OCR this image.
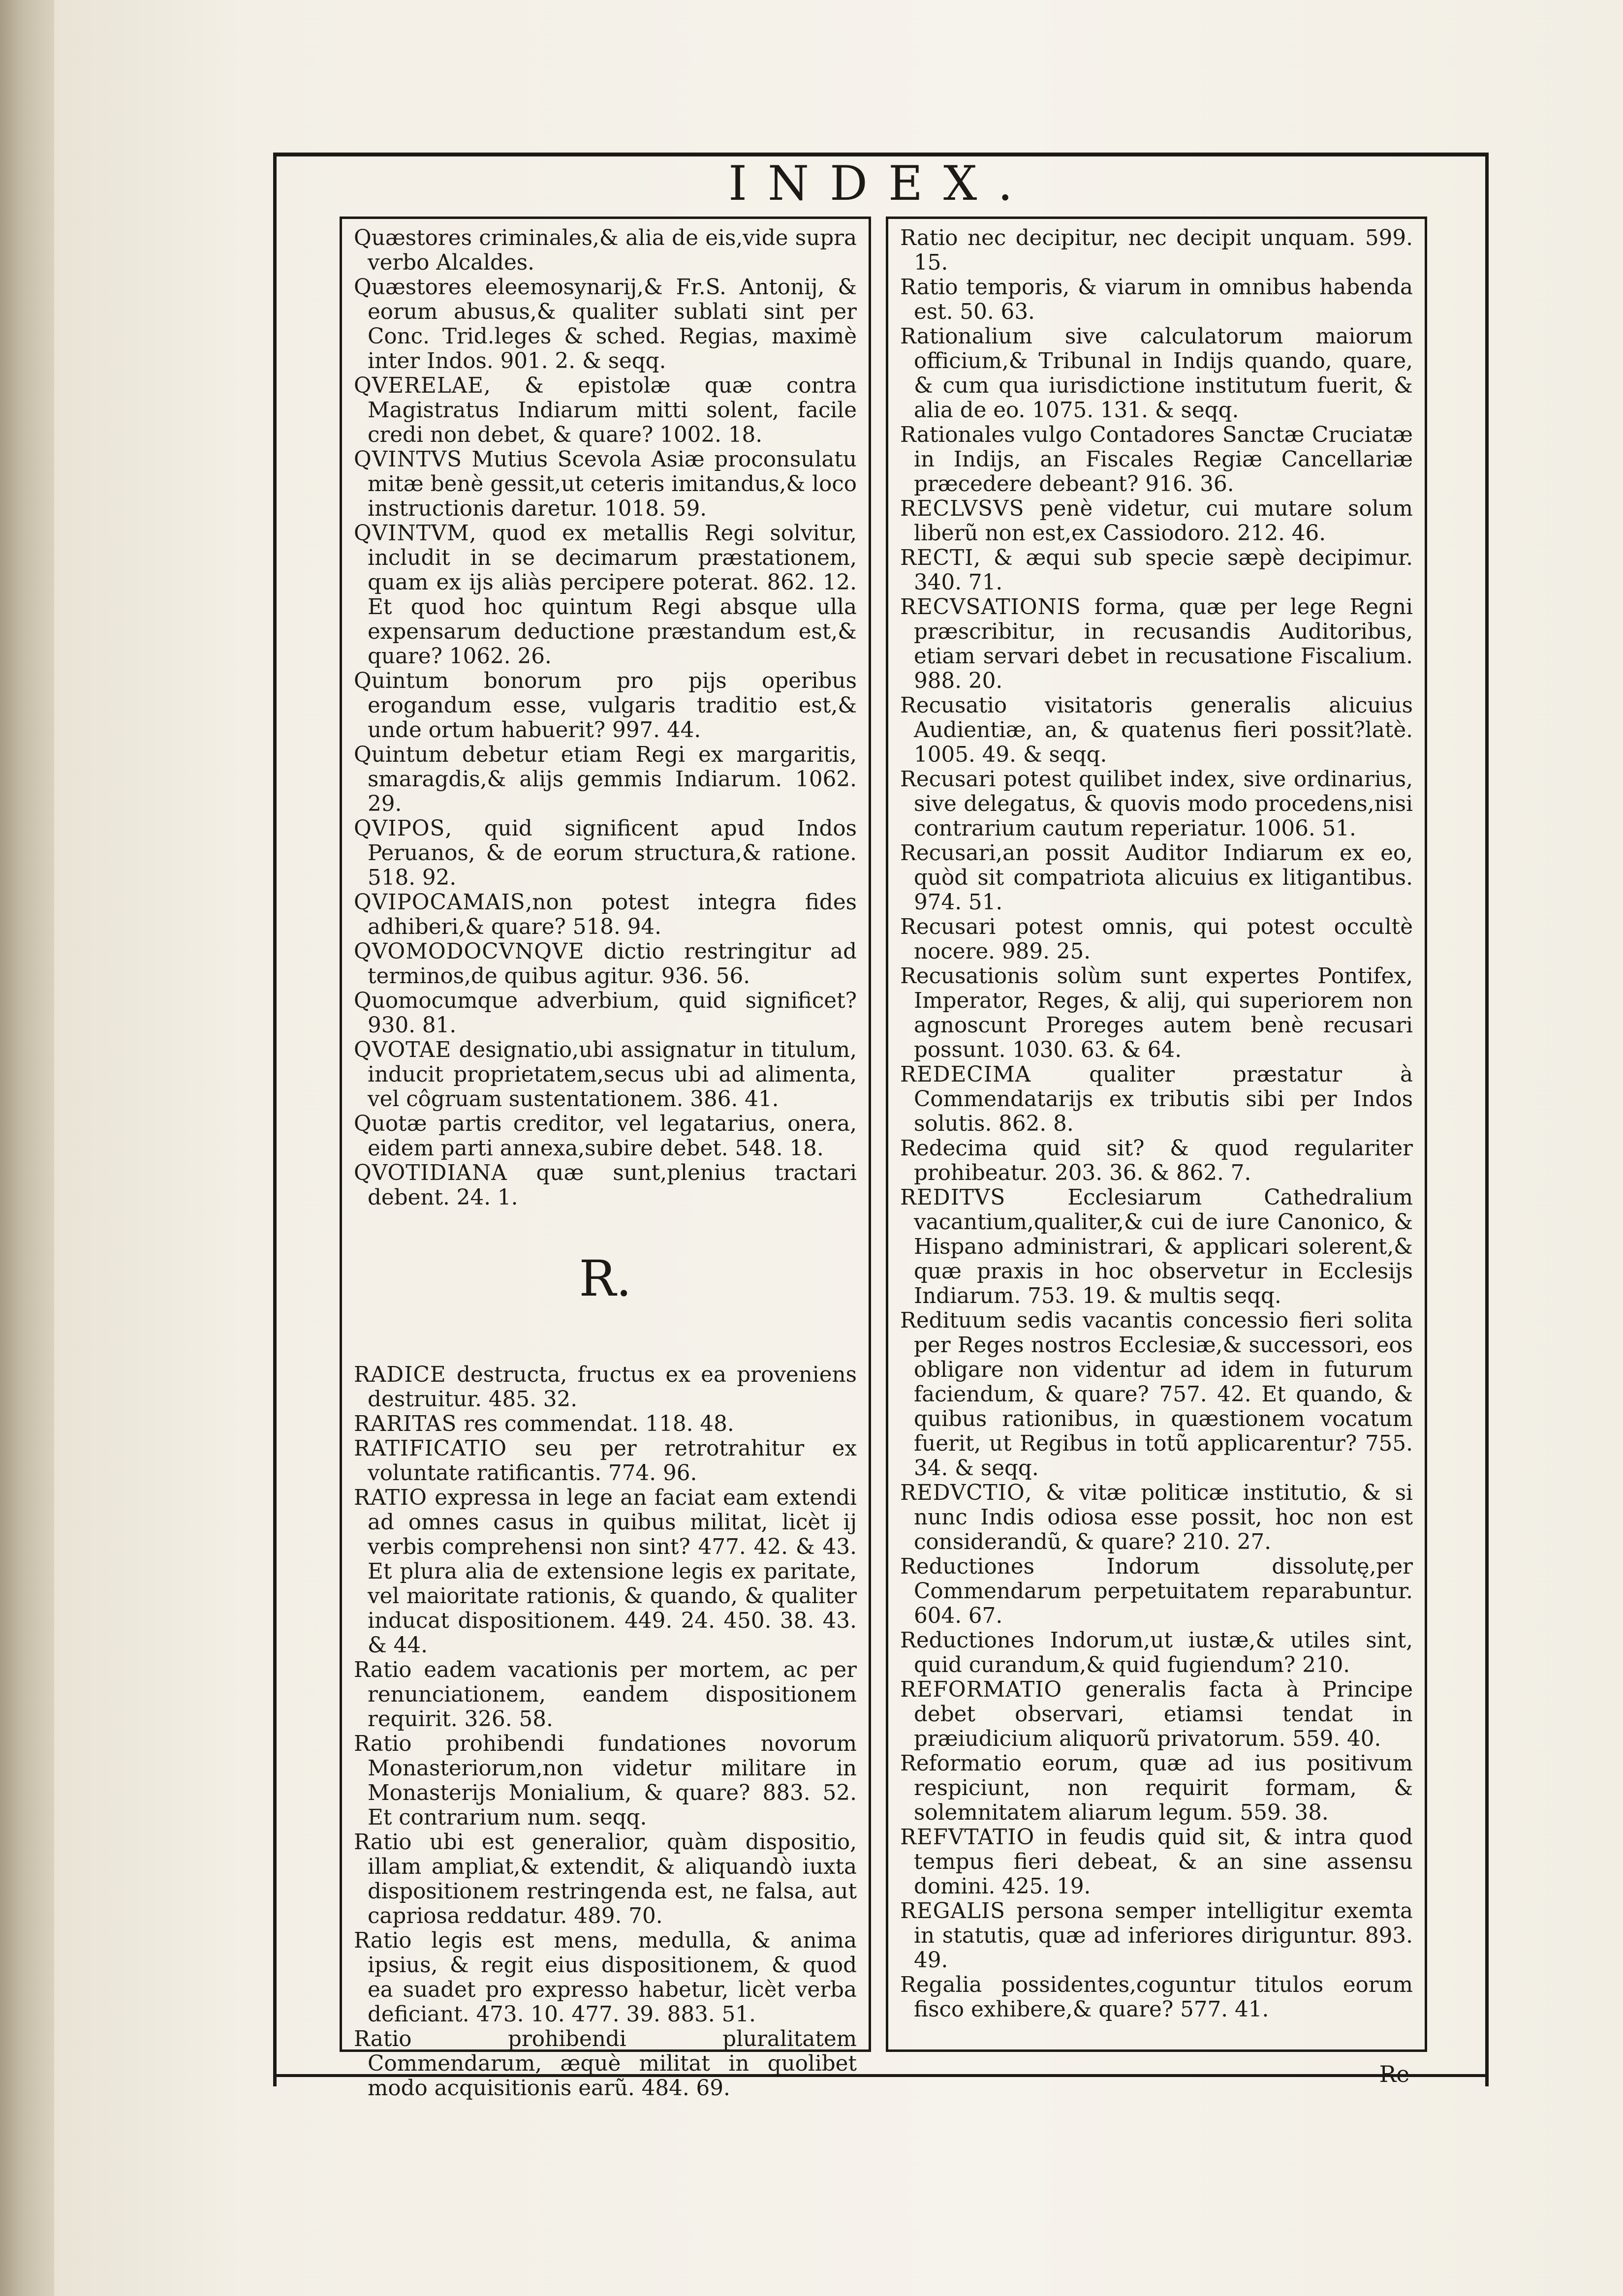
INDEX.

Quæstores criminales,& alia de eis,vide supra verbo Alcaldes.

Quæstores eleemosynarij,& Fr.S. Antonij, & eorum abusus,& qualiter sublati sint per Conc. Trid.leges & sched. Regias, maximè inter Indos. 901. 2. & seqq.

QVERELAE, & epistolæ quæ contra Magistratus Indiarum mitti solent, facile credi non debet, & quare? 1002. 18.

QVINTVS Mutius Scevola Asiæ proconsulatu mitæ benè gessit,ut ceteris imitandus,& loco instructionis daretur. 1018. 59.

QVINTVM, quod ex metallis Regi solvitur, includit in se decimarum præstationem, quam ex ijs aliàs percipere poterat. 862. 12. Et quod hoc quintum Regi absque ulla expensarum deductione præstandum est,& quare? 1062. 26.

Quintum bonorum pro pijs operibus erogandum esse, vulgaris traditio est,& unde ortum habuerit? 997. 44.

Quintum debetur etiam Regi ex margaritis, smaragdis,& alijs gemmis Indiarum. 1062. 29.

QVIPOS, quid significent apud Indos Peruanos, & de eorum structura,& ratione. 518. 92.

QVIPOCAMAIS,non potest integra fides adhiberi,& quare? 518. 94.

QVOMODOCVNQVE dictio restringitur ad terminos,de quibus agitur. 936. 56.

Quomocumque adverbium, quid significet? 930. 81.

QVOTAE designatio,ubi assignatur in titulum, inducit proprietatem,secus ubi ad alimenta, vel côgruam sustentationem. 386. 41.

Quotæ partis creditor, vel legatarius, onera, eidem parti annexa,subire debet. 548. 18.

QVOTIDIANA quæ sunt,plenius tractari debent. 24. 1.

R.

RADICE destructa, fructus ex ea proveniens destruitur. 485. 32.

RARITAS res commendat. 118. 48.

RATIFICATIO seu per retrotrahitur ex voluntate ratificantis. 774. 96.

RATIO expressa in lege an faciat eam extendi ad omnes casus in quibus militat, licèt ij verbis comprehensi non sint? 477. 42. & 43. Et plura alia de extensione legis ex paritate, vel maioritate rationis, & quando, & qualiter inducat dispositionem. 449. 24. 450. 38. 43. & 44.

Ratio eadem vacationis per mortem, ac per renunciationem, eandem dispositionem requirit. 326. 58.

Ratio prohibendi fundationes novorum Monasteriorum,non videtur militare in Monasterijs Monialium, & quare? 883. 52. Et contrarium num. seqq.

Ratio ubi est generalior, quàm dispositio, illam ampliat,& extendit, & aliquandò iuxta dispositionem restringenda est, ne falsa, aut capriosa reddatur. 489. 70.

Ratio legis est mens, medulla, & anima ipsius, & regit eius dispositionem, & quod ea suadet pro expresso habetur, licèt verba deficiant. 473. 10. 477. 39. 883. 51.

Ratio prohibendi pluralitatem Commendarum, æquè militat in quolibet modo acquisitionis earũ. 484. 69.

Ratio nec decipitur, nec decipit unquam. 599. 15.

Ratio temporis, & viarum in omnibus habenda est. 50. 63.

Rationalium sive calculatorum maiorum officium,& Tribunal in Indijs quando, quare, & cum qua iurisdictione institutum fuerit, & alia de eo. 1075. 131. & seqq.

Rationales vulgo Contadores Sanctæ Cruciatæ in Indijs, an Fiscales Regiæ Cancellariæ præcedere debeant? 916. 36.

RECLVSVS penè videtur, cui mutare solum liberũ non est,ex Cassiodoro. 212. 46.

RECTI, & æqui sub specie sæpè decipimur. 340. 71.

RECVSATIONIS forma, quæ per lege Regni præscribitur, in recusandis Auditoribus, etiam servari debet in recusatione Fiscalium. 988. 20.

Recusatio visitatoris generalis alicuius Audientiæ, an, & quatenus fieri possit?latè. 1005. 49. & seqq.

Recusari potest quilibet index, sive ordinarius, sive delegatus, & quovis modo procedens,nisi contrarium cautum reperiatur. 1006. 51.

Recusari,an possit Auditor Indiarum ex eo, quòd sit compatriota alicuius ex litigantibus. 974. 51.

Recusari potest omnis, qui potest occultè nocere. 989. 25.

Recusationis solùm sunt expertes Pontifex, Imperator, Reges, & alij, qui superiorem non agnoscunt Proreges autem benè recusari possunt. 1030. 63. & 64.

REDECIMA qualiter præstatur à Commendatarijs ex tributis sibi per Indos solutis. 862. 8.

Redecima quid sit? & quod regulariter prohibeatur. 203. 36. & 862. 7.

REDITVS Ecclesiarum Cathedralium vacantium,qualiter,& cui de iure Canonico, & Hispano administrari, & applicari solerent,& quæ praxis in hoc observetur in Ecclesijs Indiarum. 753. 19. & multis seqq.

Redituum sedis vacantis concessio fieri solita per Reges nostros Ecclesiæ,& successori, eos obligare non videntur ad idem in futurum faciendum, & quare? 757. 42. Et quando, & quibus rationibus, in quæstionem vocatum fuerit, ut Regibus in totũ applicarentur? 755. 34. & seqq.

REDVCTIO, & vitæ politicæ institutio, & si nunc Indis odiosa esse possit, hoc non est considerandũ, & quare? 210. 27.

Reductiones Indorum dissolutę,per Commendarum perpetuitatem reparabuntur. 604. 67.

Reductiones Indorum,ut iustæ,& utiles sint, quid curandum,& quid fugiendum? 210.

REFORMATIO generalis facta à Principe debet observari, etiamsi tendat in præiudicium aliquorũ privatorum. 559. 40.

Reformatio eorum, quæ ad ius positivum respiciunt, non requirit formam, & solemnitatem aliarum legum. 559. 38.

REFVTATIO in feudis quid sit, & intra quod tempus fieri debeat, & an sine assensu domini. 425. 19.

REGALIS persona semper intelligitur exemta in statutis, quæ ad inferiores diriguntur. 893. 49.

Regalia possidentes,coguntur titulos eorum fisco exhibere,& quare? 577. 41.

Re-
